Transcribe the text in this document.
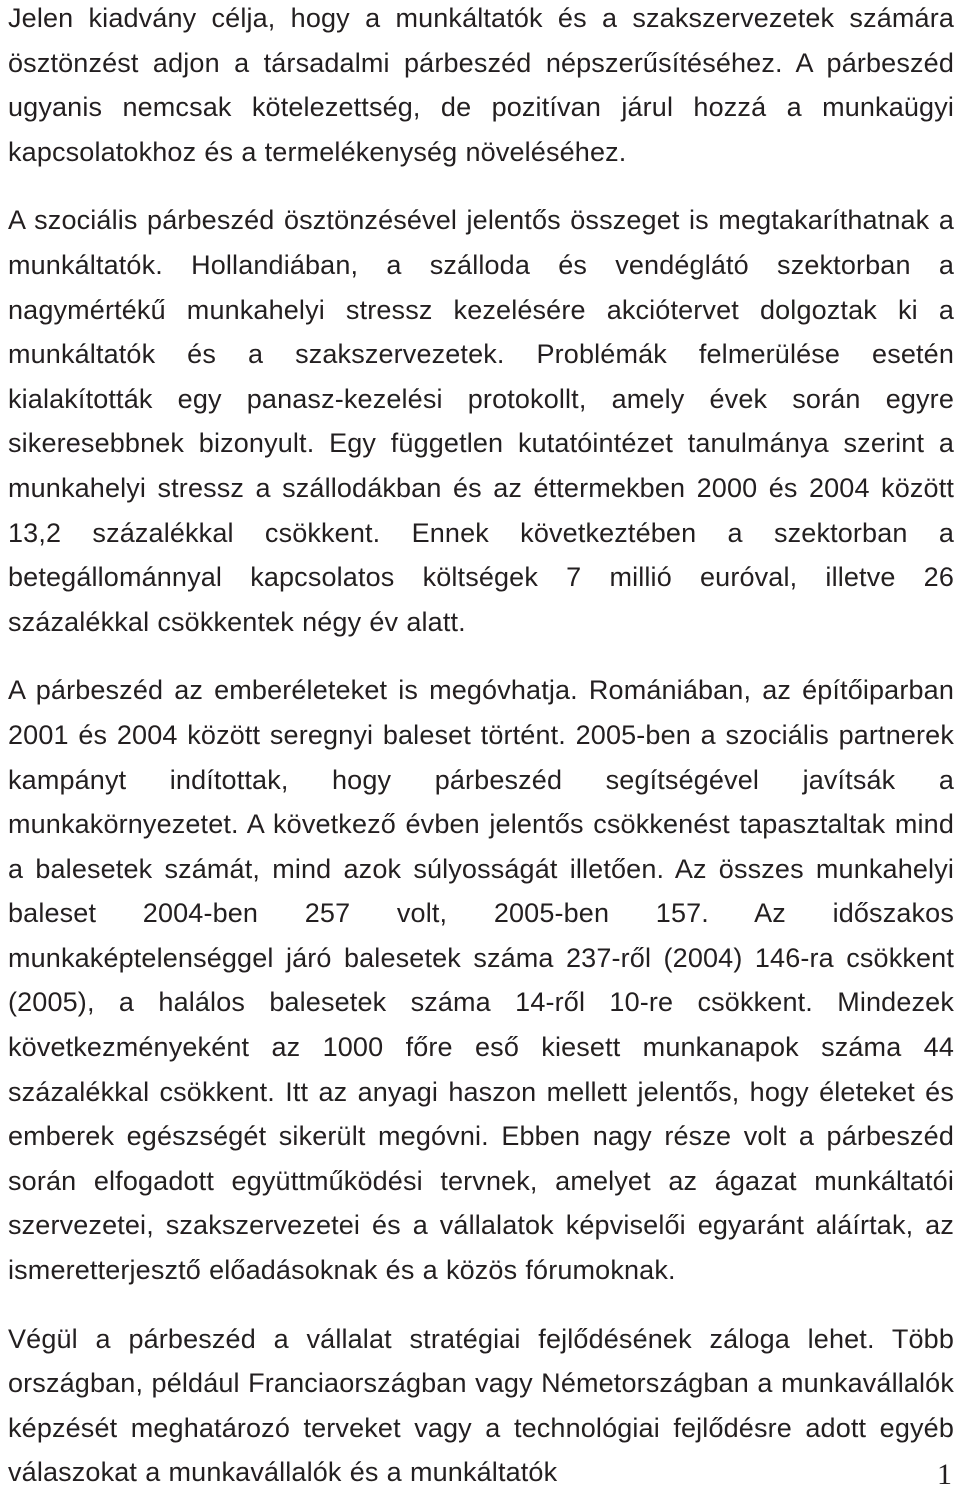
Jelen kiadvány célja, hogy a munkáltatók és a szakszervezetek számára ösztönzést adjon a társadalmi párbeszéd népszerűsítéséhez. A párbeszéd ugyanis nemcsak kötelezettség, de pozitívan járul hozzá a munkaügyi kapcsolatokhoz és a termelékenység növeléséhez.

A szociális párbeszéd ösztönzésével jelentős összeget is megtakaríthatnak a munkáltatók. Hollandiában, a szálloda és vendéglátó szektorban a nagymértékű munkahelyi stressz kezelésére akciótervet dolgoztak ki a munkáltatók és a szakszervezetek. Problémák felmerülése esetén kialakították egy panasz-kezelési protokollt, amely évek során egyre sikeresebbnek bizonyult. Egy független kutatóintézet tanulmánya szerint a munkahelyi stressz a szállodákban és az éttermekben 2000 és 2004 között 13,2 százalékkal csökkent. Ennek következtében a szektorban a betegállománnyal kapcsolatos költségek 7 millió euróval, illetve 26 százalékkal csökkentek négy év alatt.

A párbeszéd az emberéleteket is megóvhatja. Romániában, az építőiparban 2001 és 2004 között seregnyi baleset történt. 2005-ben a szociális partnerek kampányt indítottak, hogy párbeszéd segítségével javítsák a munkakörnyezetet. A következő évben jelentős csökkenést tapasztaltak mind a balesetek számát, mind azok súlyosságát illetően. Az összes munkahelyi baleset 2004-ben 257 volt, 2005-ben 157. Az időszakos munkaképtelenséggel járó balesetek száma 237-ről (2004) 146-ra csökkent (2005), a halálos balesetek száma 14-ről 10-re csökkent. Mindezek következményeként az 1000 főre eső kiesett munkanapok száma 44 százalékkal csökkent. Itt az anyagi haszon mellett jelentős, hogy életeket és emberek egészségét sikerült megóvni. Ebben nagy része volt a párbeszéd során elfogadott együttműködési tervnek, amelyet az ágazat munkáltatói szervezetei, szakszervezetei és a vállalatok képviselői egyaránt aláírtak, az ismeretterjesztő előadásoknak és a közös fórumoknak.

Végül a párbeszéd a vállalat stratégiai fejlődésének záloga lehet. Több országban, például Franciaországban vagy Németországban a munkavállalók képzését meghatározó terveket vagy a technológiai fejlődésre adott egyéb válaszokat a munkavállalók és a munkáltatók	1
